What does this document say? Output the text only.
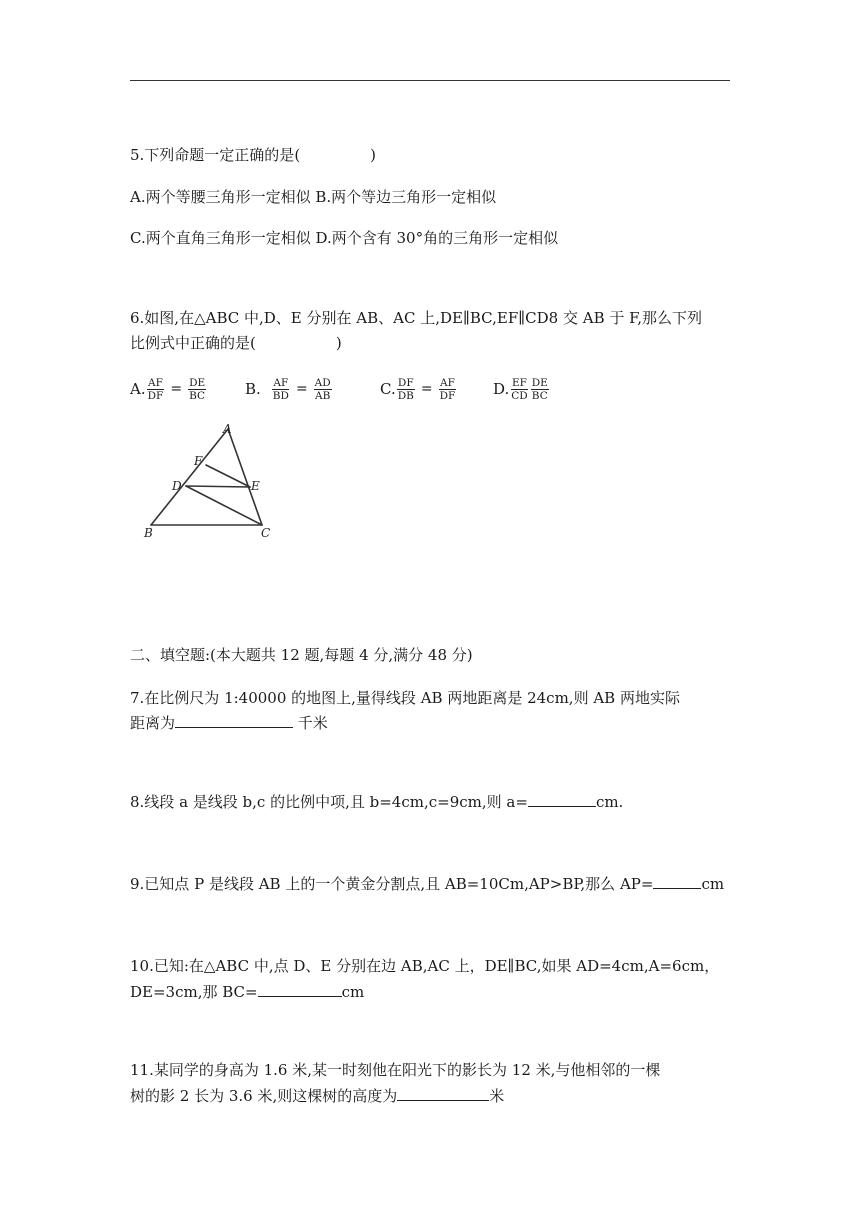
5.下列命题一定正确的是(	)
A.两个等腰三角形一定相似 B.两个等边三角形一定相似
C.两个直角三角形一定相似 D.两个含有 30°角的三角形一定相似
6.如图,在△ABC 中,D、E 分别在 AB、AC 上,DE∥BC,EF∥CD8 交 AB 于 F,那么下列
比例式中正确的是(	)
A. $\frac{AF}{DF} = \frac{DE}{BC}$	B. $\frac{AF}{BD} = \frac{AD}{AB}$	C. $\frac{DF}{DB} = \frac{AF}{DF} D$. $\frac{EF}{CD} \frac{DE}{BC}$
A
F
D	E
B	C
二、填空题:(本大题共 12 题,每题 4 分,满分 48 分)
7.在比例尺为 1:40000 的地图上,量得线段 AB 两地距离是 24cm,则 AB 两地实际
距离为	千米
8.线段 a 是线段 b,c 的比例中项,且 b=4cm,c=9cm,则 a=	cm.
9.已知点 P 是线段 AB 上的一个黄金分割点,且 AB=10Cm,AP>BP,那么 AP=	cm
10.已知:在△ABC 中,点 D、E 分别在边 AB,AC 上，DE∥BC,如果 AD=4cm,A=6cm，
DE=3cm,那 BC=	cm
11.某同学的身高为 1.6 米,某一时刻他在阳光下的影长为 12 米,与他相邻的一棵
树的影 2 长为 3.6 米,则这棵树的高度为	米
